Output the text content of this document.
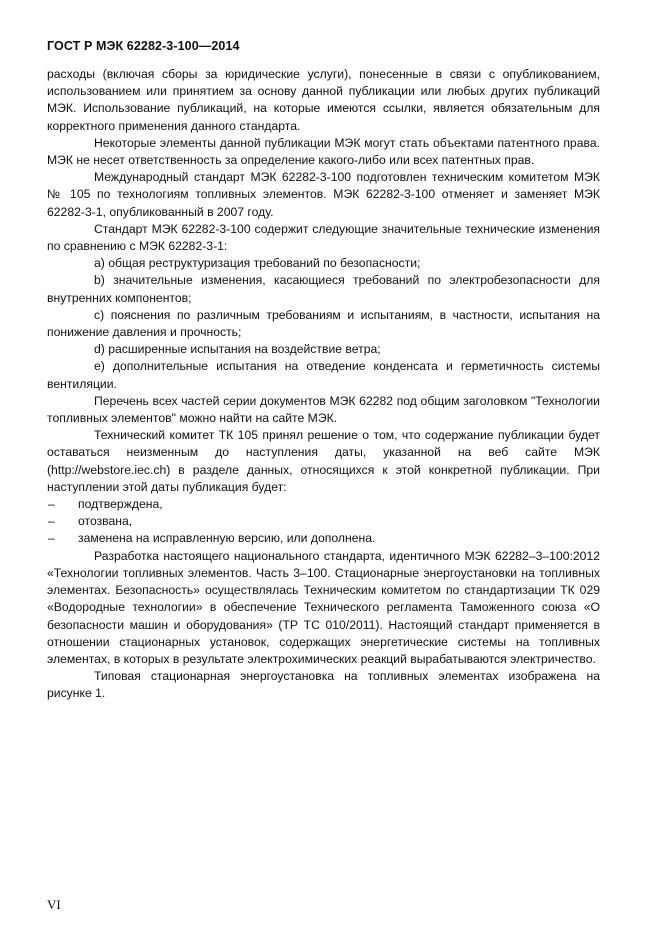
ГОСТ Р МЭК 62282-3-100—2014

расходы (включая сборы за юридические услуги), понесенные в связи с опубликованием, использованием или принятием за основу данной публикации или любых других публикаций МЭК. Использование публикаций, на которые имеются ссылки, является обязательным для корректного применения данного стандарта.

Некоторые элементы данной публикации МЭК могут стать объектами патентного права. МЭК не несет ответственность за определение какого-либо или всех патентных прав.

Международный стандарт МЭК 62282-3-100 подготовлен техническим комитетом МЭК № 105 по технологиям топливных элементов. МЭК 62282-3-100 отменяет и заменяет МЭК 62282-3-1, опубликованный в 2007 году.

Стандарт МЭК 62282-3-100 содержит следующие значительные технические изменения по сравнению с МЭК 62282-3-1:

a) общая реструктуризация требований по безопасности;

b) значительные изменения, касающиеся требований по электробезопасности для внутренних компонентов;

c) пояснения по различным требованиям и испытаниям, в частности, испытания на понижение давления и прочность;

d) расширенные испытания на воздействие ветра;

e) дополнительные испытания на отведение конденсата и герметичность системы вентиляции.

Перечень всех частей серии документов МЭК 62282 под общим заголовком "Технологии топливных элементов" можно найти на сайте МЭК.

Технический комитет ТК 105 принял решение о том, что содержание публикации будет оставаться неизменным до наступления даты, указанной на веб сайте МЭК (http://webstore.iec.ch) в разделе данных, относящихся к этой конкретной публикации. При наступлении этой даты публикация будет:

–	подтверждена,

–	отозвана,

–	заменена на исправленную версию, или дополнена.

Разработка настоящего национального стандарта, идентичного МЭК 62282–3–100:2012 «Технологии топливных элементов. Часть 3–100. Стационарные энергоустановки на топливных элементах. Безопасность» осуществлялась Техническим комитетом по стандартизации ТК 029 «Водородные технологии» в обеспечение Технического регламента Таможенного союза «О безопасности машин и оборудования» (ТР ТС 010/2011). Настоящий стандарт применяется в отношении стационарных установок, содержащих энергетические системы на топливных элементах, в которых в результате электрохимических реакций вырабатываются электричество.

Типовая стационарная энергоустановка на топливных элементах изображена на рисунке 1.

VI
